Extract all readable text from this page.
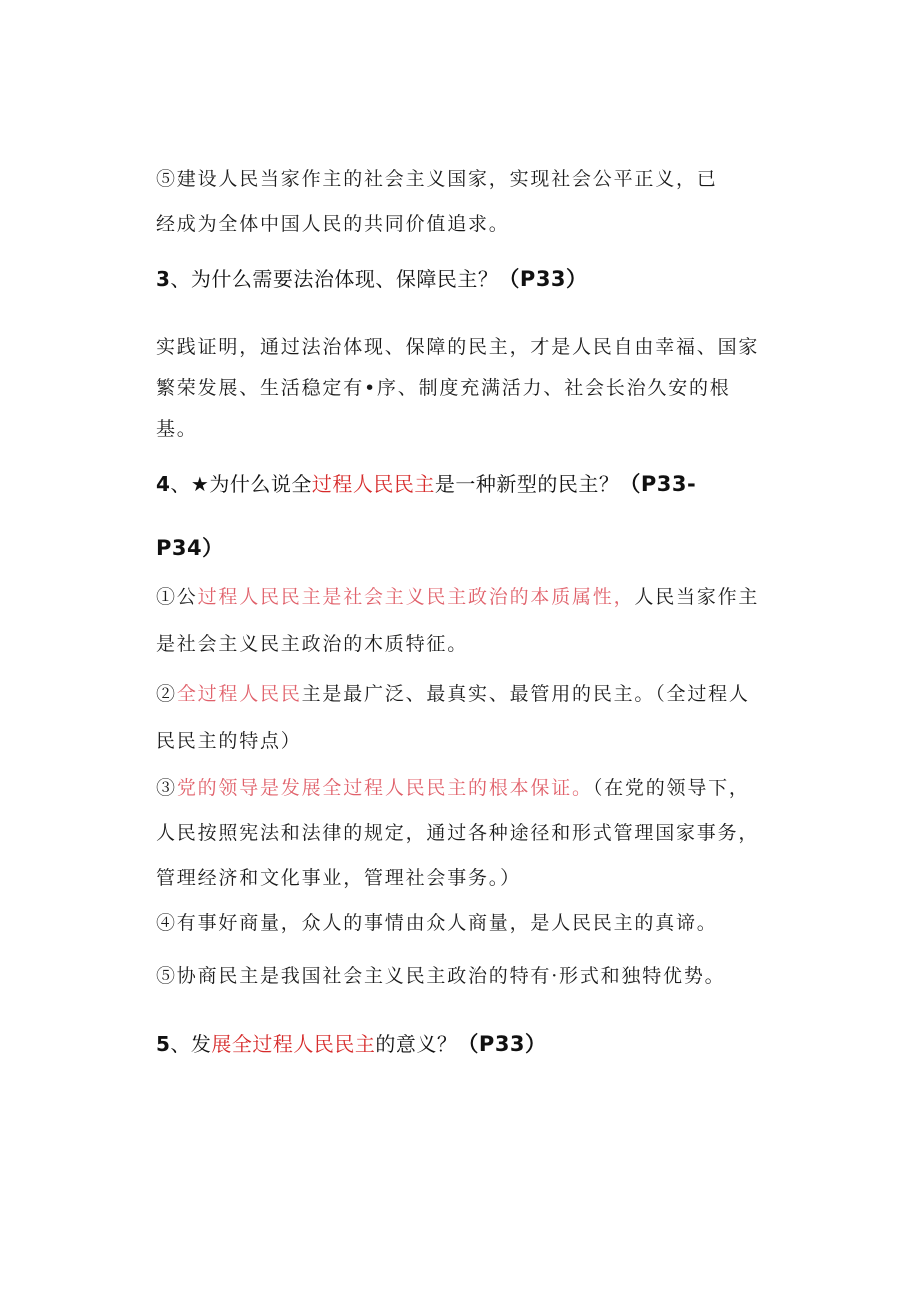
⑤建设人民当家作主的社会主义国家，实现社会公平正义，已
经成为全体中国人民的共同价值追求。
3、为什么需要法治体现、保障民主？（P33）
实践证明，通过法治体现、保障的民主，才是人民自由幸福、国家
繁荣发展、生活稳定有•序、制度充满活力、社会长治久安的根
基。
4、★为什么说全过程人民民主是一种新型的民主？（P33-
P34）
①公过程人民民主是社会主义民主政治的本质属性，人民当家作主
是社会主义民主政治的木质特征。
②全过程人民民主是最广泛、最真实、最管用的民主。（全过程人
民民主的特点）
③党的领导是发展全过程人民民主的根本保证。（在党的领导下，
人民按照宪法和法律的规定，通过各种途径和形式管理国家事务，
管理经济和文化事业，管理社会事务。）
④有事好商量，众人的事情由众人商量，是人民民主的真谛。
⑤协商民主是我国社会主义民主政治的特有·形式和独特优势。
5、发展全过程人民民主的意义？（P33）
